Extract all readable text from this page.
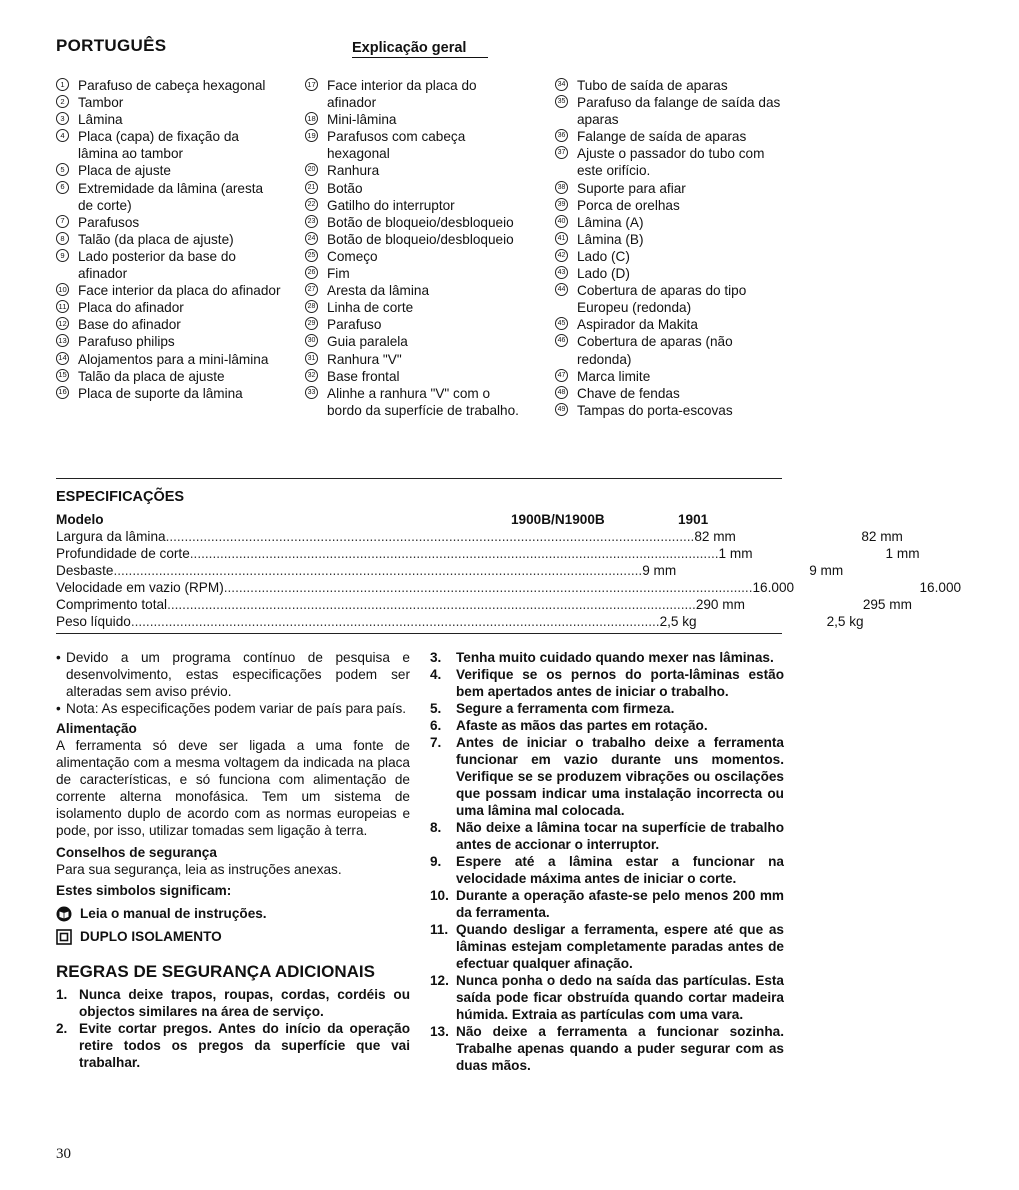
PORTUGUÊS	Explicação geral
1 Parafuso de cabeça hexagonal
2 Tambor
3 Lâmina
4 Placa (capa) de fixação da lâmina ao tambor
5 Placa de ajuste
6 Extremidade da lâmina (aresta de corte)
7 Parafusos
8 Talão (da placa de ajuste)
9 Lado posterior da base do afinador
10 Face interior da placa do afinador
11 Placa do afinador
12 Base do afinador
13 Parafuso philips
14 Alojamentos para a mini-lâmina
15 Talão da placa de ajuste
16 Placa de suporte da lâmina
17 Face interior da placa do afinador
18 Mini-lâmina
19 Parafusos com cabeça hexagonal
20 Ranhura
21 Botão
22 Gatilho do interruptor
23 Botão de bloqueio/desbloqueio
24 Botão de bloqueio/desbloqueio
25 Começo
26 Fim
27 Aresta da lâmina
28 Linha de corte
29 Parafuso
30 Guia paralela
31 Ranhura "V"
32 Base frontal
33 Alinhe a ranhura "V" com o bordo da superfície de trabalho.
34 Tubo de saída de aparas
35 Parafuso da falange de saída das aparas
36 Falange de saída de aparas
37 Ajuste o passador do tubo com este orifício.
38 Suporte para afiar
39 Porca de orelhas
40 Lâmina (A)
41 Lâmina (B)
42 Lado (C)
43 Lado (D)
44 Cobertura de aparas do tipo Europeu (redonda)
45 Aspirador da Makita
46 Cobertura de aparas (não redonda)
47 Marca limite
48 Chave de fendas
49 Tampas do porta-escovas
ESPECIFICAÇÕES
Modelo	1900B/N1900B	1901
Largura da lâmina ............................................................................................................................................ 82 mm	82 mm
Profundidade de corte ............................................................................................................................................ 1 mm	1 mm
Desbaste ............................................................................................................................................ 9 mm	9 mm
Velocidade em vazio (RPM) ............................................................................................................................................ 16.000	16.000
Comprimento total ............................................................................................................................................ 290 mm	295 mm
Peso líquido ............................................................................................................................................ 2,5 kg	2,5 kg
• Devido a um programa contínuo de pesquisa e desenvolvimento, estas especificações podem ser alteradas sem aviso prévio.
• Nota: As especificações podem variar de país para país.
Alimentação
A ferramenta só deve ser ligada a uma fonte de alimentação com a mesma voltagem da indicada na placa de características, e só funciona com alimentação de corrente alterna monofásica. Tem um sistema de isolamento duplo de acordo com as normas europeias e pode, por isso, utilizar tomadas sem ligação à terra.
Conselhos de segurança
Para sua segurança, leia as instruções anexas.
Estes simbolos significam:
Leia o manual de instruções.
DUPLO ISOLAMENTO
REGRAS DE SEGURANÇA ADICIONAIS
1. Nunca deixe trapos, roupas, cordas, cordéis ou objectos similares na área de serviço.
2. Evite cortar pregos. Antes do início da operação retire todos os pregos da superfície que vai trabalhar.
3.	Tenha muito cuidado quando mexer nas lâminas.
4.	Verifique se os pernos do porta-lâminas estão bem apertados antes de iniciar o trabalho.
5.	Segure a ferramenta com firmeza.
6.	Afaste as mãos das partes em rotação.
7.	Antes de iniciar o trabalho deixe a ferramenta funcionar em vazio durante uns momentos. Verifique se se produzem vibrações ou oscilações que possam indicar uma instalação incorrecta ou uma lâmina mal colocada.
8.	Não deixe a lâmina tocar na superfície de trabalho antes de accionar o interruptor.
9.	Espere até a lâmina estar a funcionar na velocidade máxima antes de iniciar o corte.
10. Durante a operação afaste-se pelo menos 200 mm da ferramenta.
11. Quando desligar a ferramenta, espere até que as lâminas estejam completamente paradas antes de efectuar qualquer afinação.
12. Nunca ponha o dedo na saída das partículas. Esta saída pode ficar obstruída quando cortar madeira húmida. Extraia as partículas com uma vara.
13. Não deixe a ferramenta a funcionar sozinha. Trabalhe apenas quando a puder segurar com as duas mãos.
30
